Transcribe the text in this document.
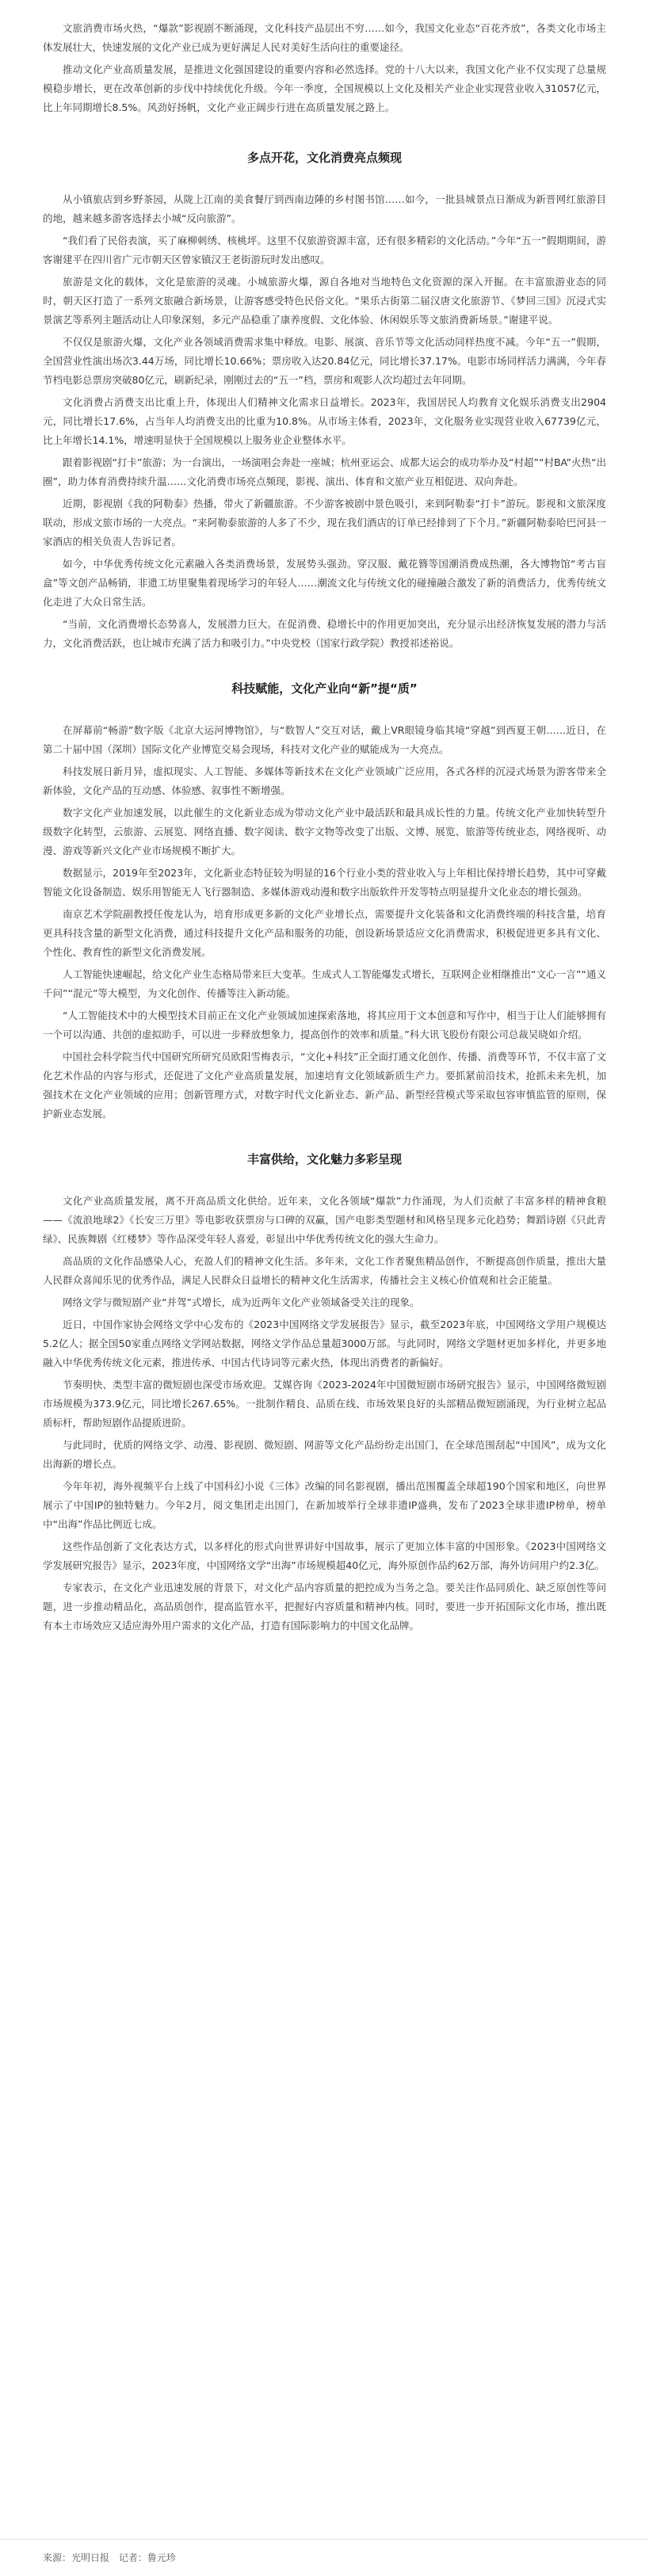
文旅消费市场火热，“爆款”影视剧不断涌现，文化科技产品层出不穷……如今，我国文化业态“百花齐放”，各类文化市场主体发展壮大，快速发展的文化产业已成为更好满足人民对美好生活向往的重要途径。

推动文化产业高质量发展，是推进文化强国建设的重要内容和必然选择。党的十八大以来，我国文化产业不仅实现了总量规模稳步增长，更在改革创新的步伐中持续优化升级。今年一季度，全国规模以上文化及相关产业企业实现营业收入31057亿元，比上年同期增长8.5%。风劲好扬帆，文化产业正阔步行进在高质量发展之路上。

多点开花，文化消费亮点频现

从小镇旅店到乡野茶园，从陇上江南的美食餐厅到西南边陲的乡村图书馆……如今，一批县城景点日渐成为新晋网红旅游目的地，越来越多游客选择去小城“反向旅游”。

“我们看了民俗表演，买了麻柳刺绣、核桃坪。这里不仅旅游资源丰富，还有很多精彩的文化活动。”今年“五一”假期期间，游客谢建平在四川省广元市朝天区曾家镇汉王老街游玩时发出感叹。

旅游是文化的载体，文化是旅游的灵魂。小城旅游火爆，源自各地对当地特色文化资源的深入开掘。在丰富旅游业态的同时，朝天区打造了一系列文旅融合新场景，让游客感受特色民俗文化。“果乐古街第二届汉唐文化旅游节、《梦回三国》沉浸式实景演艺等系列主题活动让人印象深刻，多元产品稳重了康养度假、文化体验、休闲娱乐等文旅消费新场景。”谢建平说。

不仅仅是旅游火爆，文化产业各领域消费需求集中释放。电影、展演、音乐节等文化活动同样热度不减。今年“五一”假期，全国营业性演出场次3.44万场，同比增长10.66%；票房收入达20.84亿元，同比增长37.17%。电影市场同样活力满满，今年春节档电影总票房突破80亿元，刷新纪录，刚刚过去的“五一”档，票房和观影人次均超过去年同期。

文化消费占消费支出比重上升，体现出人们精神文化需求日益增长。2023年，我国居民人均教育文化娱乐消费支出2904元，同比增长17.6%，占当年人均消费支出的比重为10.8%。从市场主体看，2023年，文化服务业实现营业收入67739亿元，比上年增长14.1%，增速明显快于全国规模以上服务业企业整体水平。

跟着影视剧“打卡”旅游；为一台演出，一场演唱会奔赴一座城；杭州亚运会、成都大运会的成功举办及“村超”“村BA”火热“出圈”，助力体育消费持续升温……文化消费市场亮点频现，影视、演出、体育和文旅产业互相促进、双向奔赴。

近期，影视剧《我的阿勒泰》热播，带火了新疆旅游。不少游客被剧中景色吸引，来到阿勒泰“打卡”游玩。影视和文旅深度联动，形成文旅市场的一大亮点。“来阿勒泰旅游的人多了不少，现在我们酒店的订单已经排到了下个月。”新疆阿勒泰哈巴河县一家酒店的相关负责人告诉记者。

如今，中华优秀传统文化元素融入各类消费场景，发展势头强劲。穿汉服、戴花簪等国潮消费成热潮，各大博物馆“考古盲盒”等文创产品畅销，非遗工坊里聚集着现场学习的年轻人……潮流文化与传统文化的碰撞融合激发了新的消费活力，优秀传统文化走进了大众日常生活。

“当前，文化消费增长态势喜人，发展潜力巨大。在促消费、稳增长中的作用更加突出，充分显示出经济恢复发展的潜力与活力，文化消费活跃，也让城市充满了活力和吸引力。”中央党校（国家行政学院）教授祁述裕说。

科技赋能，文化产业向“新”提“质”

在屏幕前“畅游”数字版《北京大运河博物馆》，与“数智人”交互对话，戴上VR眼镜身临其境“穿越”到西夏王朝……近日，在第二十届中国（深圳）国际文化产业博览交易会现场，科技对文化产业的赋能成为一大亮点。

科技发展日新月异，虚拟现实、人工智能、多媒体等新技术在文化产业领域广泛应用，各式各样的沉浸式场景为游客带来全新体验，文化产品的互动感、体验感、叙事性不断增强。

数字文化产业加速发展，以此催生的文化新业态成为带动文化产业中最活跃和最具成长性的力量。传统文化产业加快转型升级数字化转型，云旅游、云展览、网络直播、数字阅读、数字文物等改变了出版、文博、展览、旅游等传统业态，网络视听、动漫、游戏等新兴文化产业市场规模不断扩大。

数据显示，2019年至2023年，文化新业态特征较为明显的16个行业小类的营业收入与上年相比保持增长趋势，其中可穿戴智能文化设备制造、娱乐用智能无人飞行器制造、多媒体游戏动漫和数字出版软件开发等特点明显提升文化业态的增长强劲。

南京艺术学院副教授任俊龙认为，培育形成更多新的文化产业增长点，需要提升文化装备和文化消费终端的科技含量，培育更具科技含量的新型文化消费，通过科技提升文化产品和服务的功能，创设新场景适应文化消费需求，积极促进更多具有文化、个性化、教育性的新型文化消费发展。

人工智能快速崛起，给文化产业生态格局带来巨大变革。生成式人工智能爆发式增长，互联网企业相继推出“文心一言”“通义千问”“混元”等大模型，为文化创作、传播等注入新动能。

“人工智能技术中的大模型技术目前正在文化产业领域加速探索落地，将其应用于文本创意和写作中，相当于让人们能够拥有一个可以沟通、共创的虚拟助手，可以进一步释放想象力，提高创作的效率和质量。”科大讯飞股份有限公司总裁吴晓如介绍。

中国社会科学院当代中国研究所研究员欧阳雪梅表示，“文化+科技”正全面打通文化创作、传播、消费等环节，不仅丰富了文化艺术作品的内容与形式，还促进了文化产业高质量发展，加速培育文化领域新质生产力。要抓紧前沿技术，抢抓未来先机，加强技术在文化产业领域的应用；创新管理方式，对数字时代文化新业态、新产品、新型经营模式等采取包容审慎监管的原则，保护新业态发展。

丰富供给，文化魅力多彩呈现

文化产业高质量发展，离不开高品质文化供给。近年来，文化各领域“爆款”力作涌现，为人们贡献了丰富多样的精神食粮——《流浪地球2》《长安三万里》等电影收获票房与口碑的双赢，国产电影类型题材和风格呈现多元化趋势；舞蹈诗剧《只此青绿》、民族舞剧《红楼梦》等作品深受年轻人喜爱，彰显出中华优秀传统文化的强大生命力。

高品质的文化作品感染人心，充盈人们的精神文化生活。多年来，文化工作者聚焦精品创作，不断提高创作质量，推出大量人民群众喜闻乐见的优秀作品，满足人民群众日益增长的精神文化生活需求，传播社会主义核心价值观和社会正能量。

网络文学与微短剧产业“并驾”式增长，成为近两年文化产业领域备受关注的现象。

近日，中国作家协会网络文学中心发布的《2023中国网络文学发展报告》显示，截至2023年底，中国网络文学用户规模达5.2亿人；据全国50家重点网络文学网站数据，网络文学作品总量超3000万部。与此同时，网络文学题材更加多样化，并更多地融入中华优秀传统文化元素，推进传承、中国古代诗词等元素火热，体现出消费者的新偏好。

节奏明快、类型丰富的微短剧也深受市场欢迎。艾媒咨询《2023-2024年中国微短剧市场研究报告》显示，中国网络微短剧市场规模为373.9亿元，同比增长267.65%。一批制作精良、品质在线、市场效果良好的头部精品微短剧涌现，为行业树立起品质标杆，帮助短剧作品提质进阶。

与此同时，优质的网络文学、动漫、影视剧、微短剧、网游等文化产品纷纷走出国门，在全球范围刮起“中国风”，成为文化出海新的增长点。

今年年初，海外视频平台上线了中国科幻小说《三体》改编的同名影视剧，播出范围覆盖全球超190个国家和地区，向世界展示了中国IP的独特魅力。今年2月，阅文集团走出国门，在新加坡举行全球非遗IP盛典，发布了2023全球非遗IP榜单，榜单中“出海”作品比例近七成。

这些作品创新了文化表达方式，以多样化的形式向世界讲好中国故事，展示了更加立体丰富的中国形象。《2023中国网络文学发展研究报告》显示，2023年度，中国网络文学“出海”市场规模超40亿元，海外原创作品约62万部，海外访问用户约2.3亿。

专家表示，在文化产业迅速发展的背景下，对文化产品内容质量的把控成为当务之急。要关注作品同质化、缺乏原创性等问题，进一步推动精品化，高品质创作，提高监管水平，把握好内容质量和精神内核。同时，要进一步开拓国际文化市场，推出既有本土市场效应又适应海外用户需求的文化产品，打造有国际影响力的中国文化品牌。

来源：光明日报 记者：鲁元珍
